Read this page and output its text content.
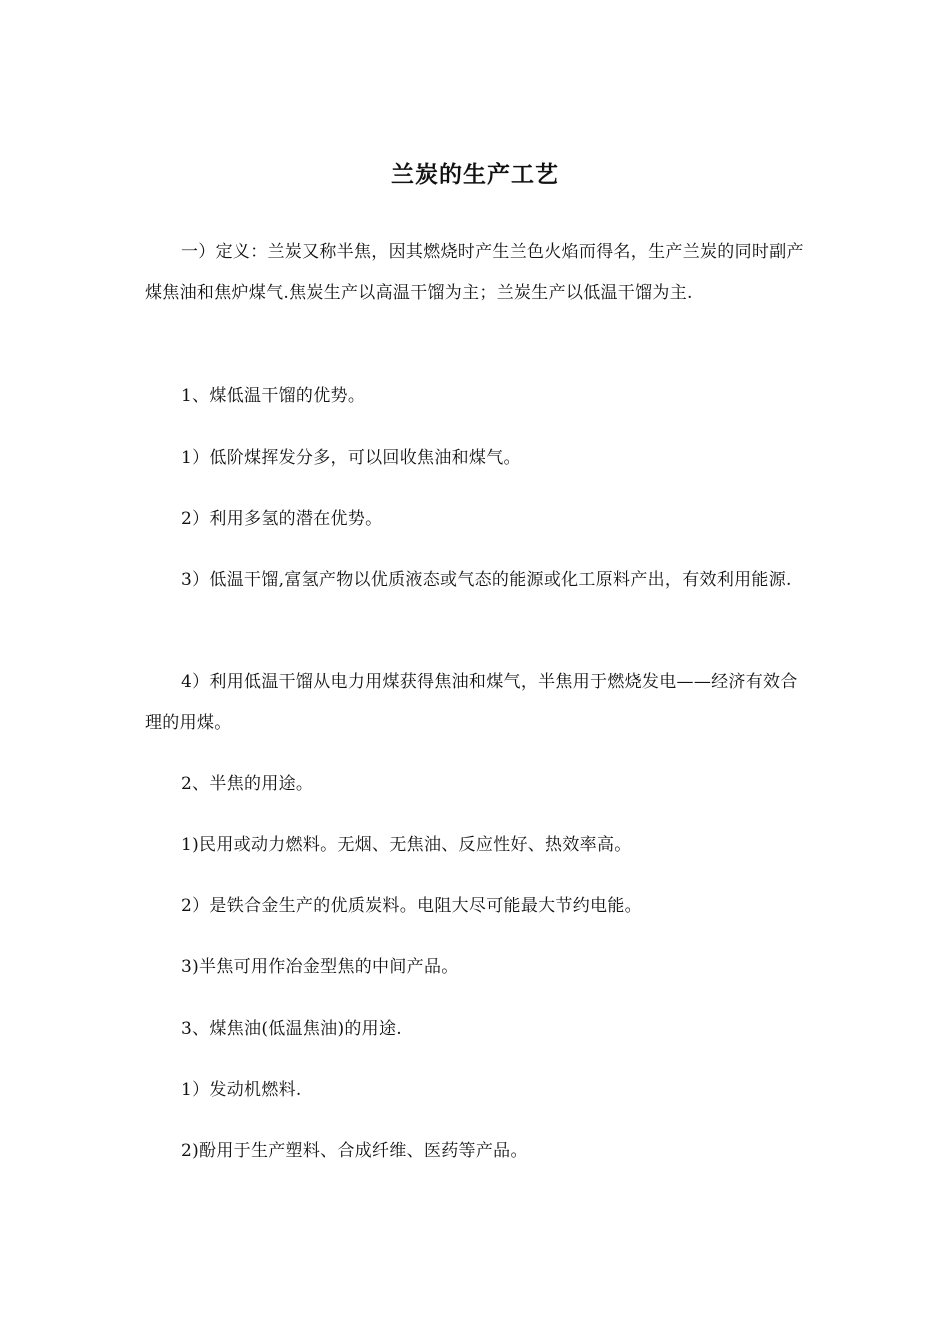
兰炭的生产工艺

一）定义：兰炭又称半焦，因其燃烧时产生兰色火焰而得名，生产兰炭的同时副产煤焦油和焦炉煤气.焦炭生产以高温干馏为主；兰炭生产以低温干馏为主.

1、煤低温干馏的优势。

1）低阶煤挥发分多，可以回收焦油和煤气。

2）利用多氢的潜在优势。

3）低温干馏,富氢产物以优质液态或气态的能源或化工原料产出，有效利用能源.

4）利用低温干馏从电力用煤获得焦油和煤气，半焦用于燃烧发电——经济有效合理的用煤。

2、半焦的用途。

1)民用或动力燃料。无烟、无焦油、反应性好、热效率高。

2）是铁合金生产的优质炭料。电阻大尽可能最大节约电能。

3)半焦可用作冶金型焦的中间产品。

3、煤焦油(低温焦油)的用途.

1）发动机燃料.

2)酚用于生产塑料、合成纤维、医药等产品。
